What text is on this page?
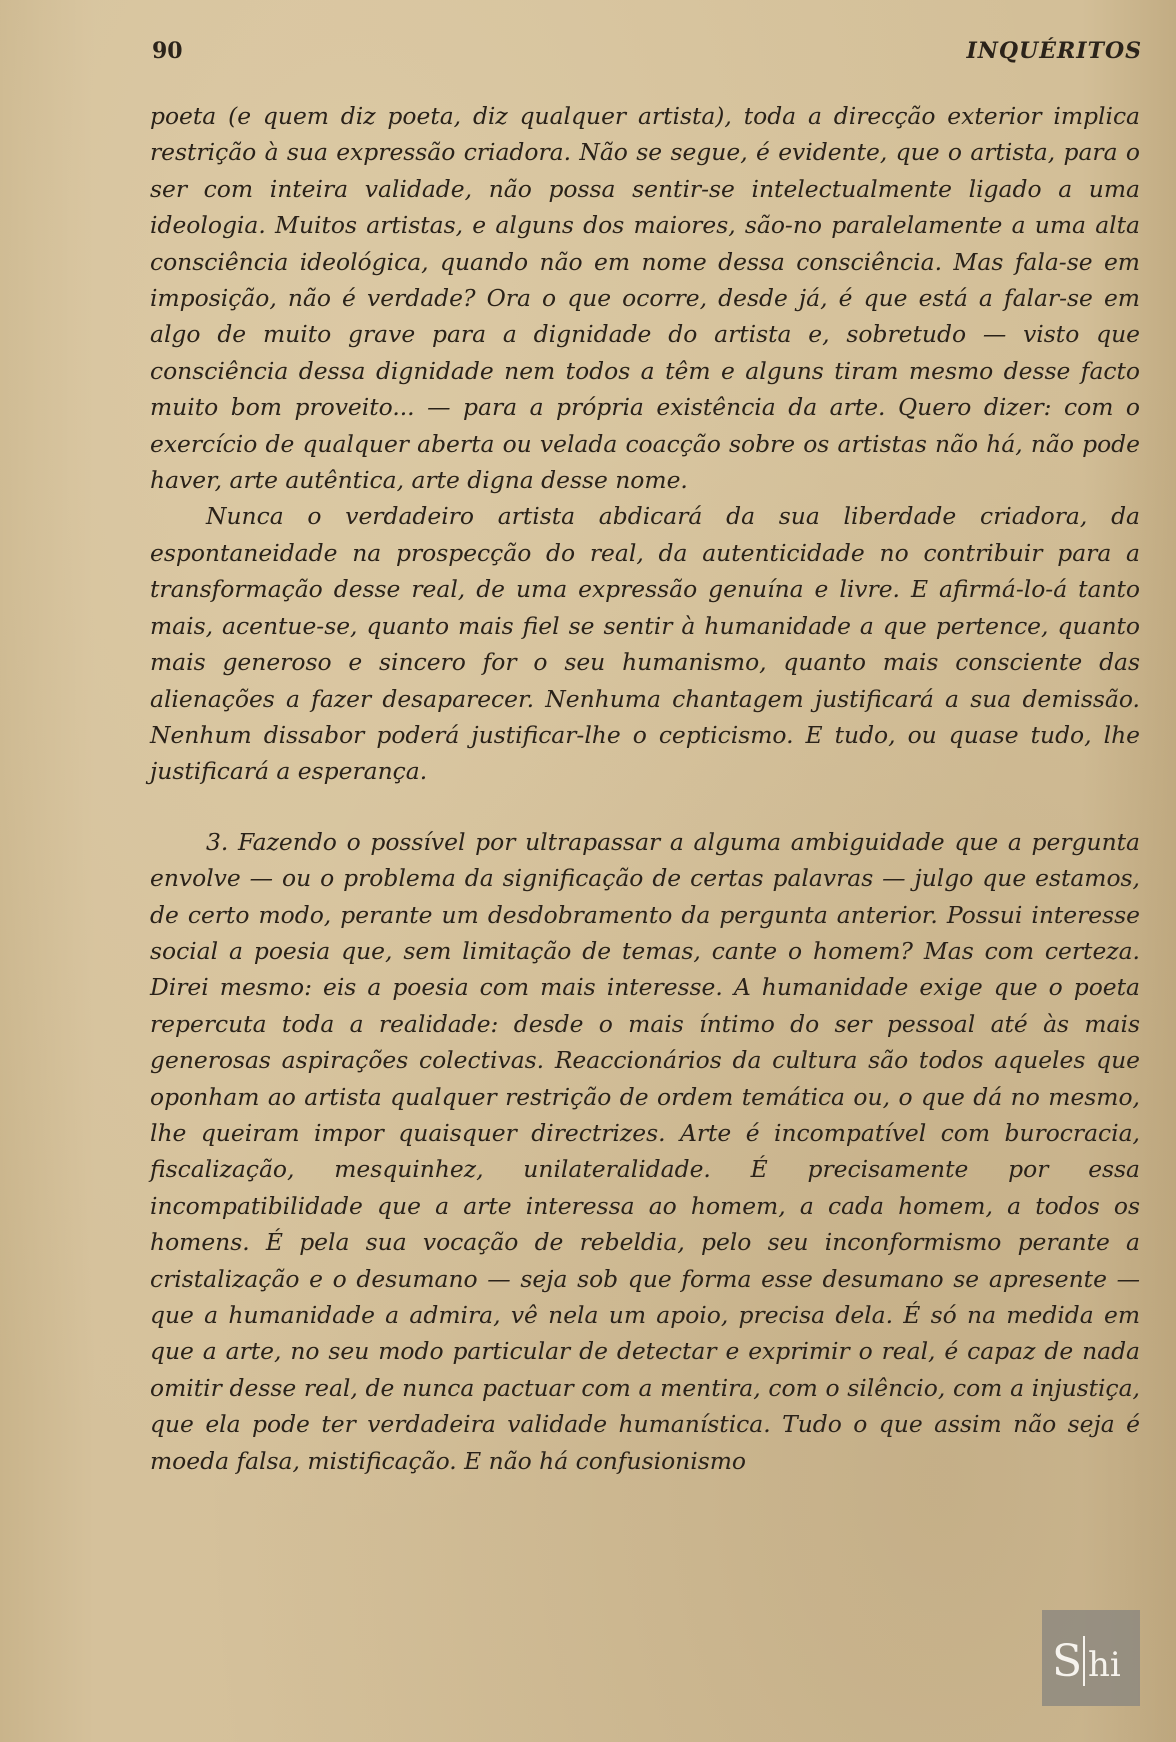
90	INQUÉRITOS

poeta (e quem diz poeta, diz qualquer artista), toda a direcção exterior implica restrição à sua expressão criadora. Não se segue, é evidente, que o artista, para o ser com inteira validade, não possa sentir-se intelectualmente ligado a uma ideologia. Muitos artistas, e alguns dos maiores, são-no paralelamente a uma alta consciência ideológica, quando não em nome dessa consciência. Mas fala-se em imposição, não é verdade? Ora o que ocorre, desde já, é que está a falar-se em algo de muito grave para a dignidade do artista e, sobretudo — visto que consciência dessa dignidade nem todos a têm e alguns tiram mesmo desse facto muito bom proveito... — para a própria existência da arte. Quero dizer: com o exercício de qualquer aberta ou velada coacção sobre os artistas não há, não pode haver, arte autêntica, arte digna desse nome.

Nunca o verdadeiro artista abdicará da sua liberdade criadora, da espontaneidade na prospecção do real, da autenticidade no contribuir para a transformação desse real, de uma expressão genuína e livre. E afirmá-lo-á tanto mais, acentue-se, quanto mais fiel se sentir à humanidade a que pertence, quanto mais generoso e sincero for o seu humanismo, quanto mais consciente das alienações a fazer desaparecer. Nenhuma chantagem justificará a sua demissão. Nenhum dissabor poderá justificar-lhe o cepticismo. E tudo, ou quase tudo, lhe justificará a esperança.

3. Fazendo o possível por ultrapassar a alguma ambiguidade que a pergunta envolve — ou o problema da significação de certas palavras — julgo que estamos, de certo modo, perante um desdobramento da pergunta anterior. Possui interesse social a poesia que, sem limitação de temas, cante o homem? Mas com certeza. Direi mesmo: eis a poesia com mais interesse. A humanidade exige que o poeta repercuta toda a realidade: desde o mais íntimo do ser pessoal até às mais generosas aspirações colectivas. Reaccionários da cultura são todos aqueles que oponham ao artista qualquer restrição de ordem temática ou, o que dá no mesmo, lhe queiram impor quaisquer directrizes. Arte é incompatível com burocracia, fiscalização, mesquinhez, unilateralidade. É precisamente por essa incompatibilidade que a arte interessa ao homem, a cada homem, a todos os homens. É pela sua vocação de rebeldia, pelo seu inconformismo perante a cristalização e o desumano — seja sob que forma esse desumano se apresente — que a humanidade a admira, vê nela um apoio, precisa dela. É só na medida em que a arte, no seu modo particular de detectar e exprimir o real, é capaz de nada omitir desse real, de nunca pactuar com a mentira, com o silêncio, com a injustiça, que ela pode ter verdadeira validade humanística. Tudo o que assim não seja é moeda falsa, mistificação. E não há confusionismo

S hi
